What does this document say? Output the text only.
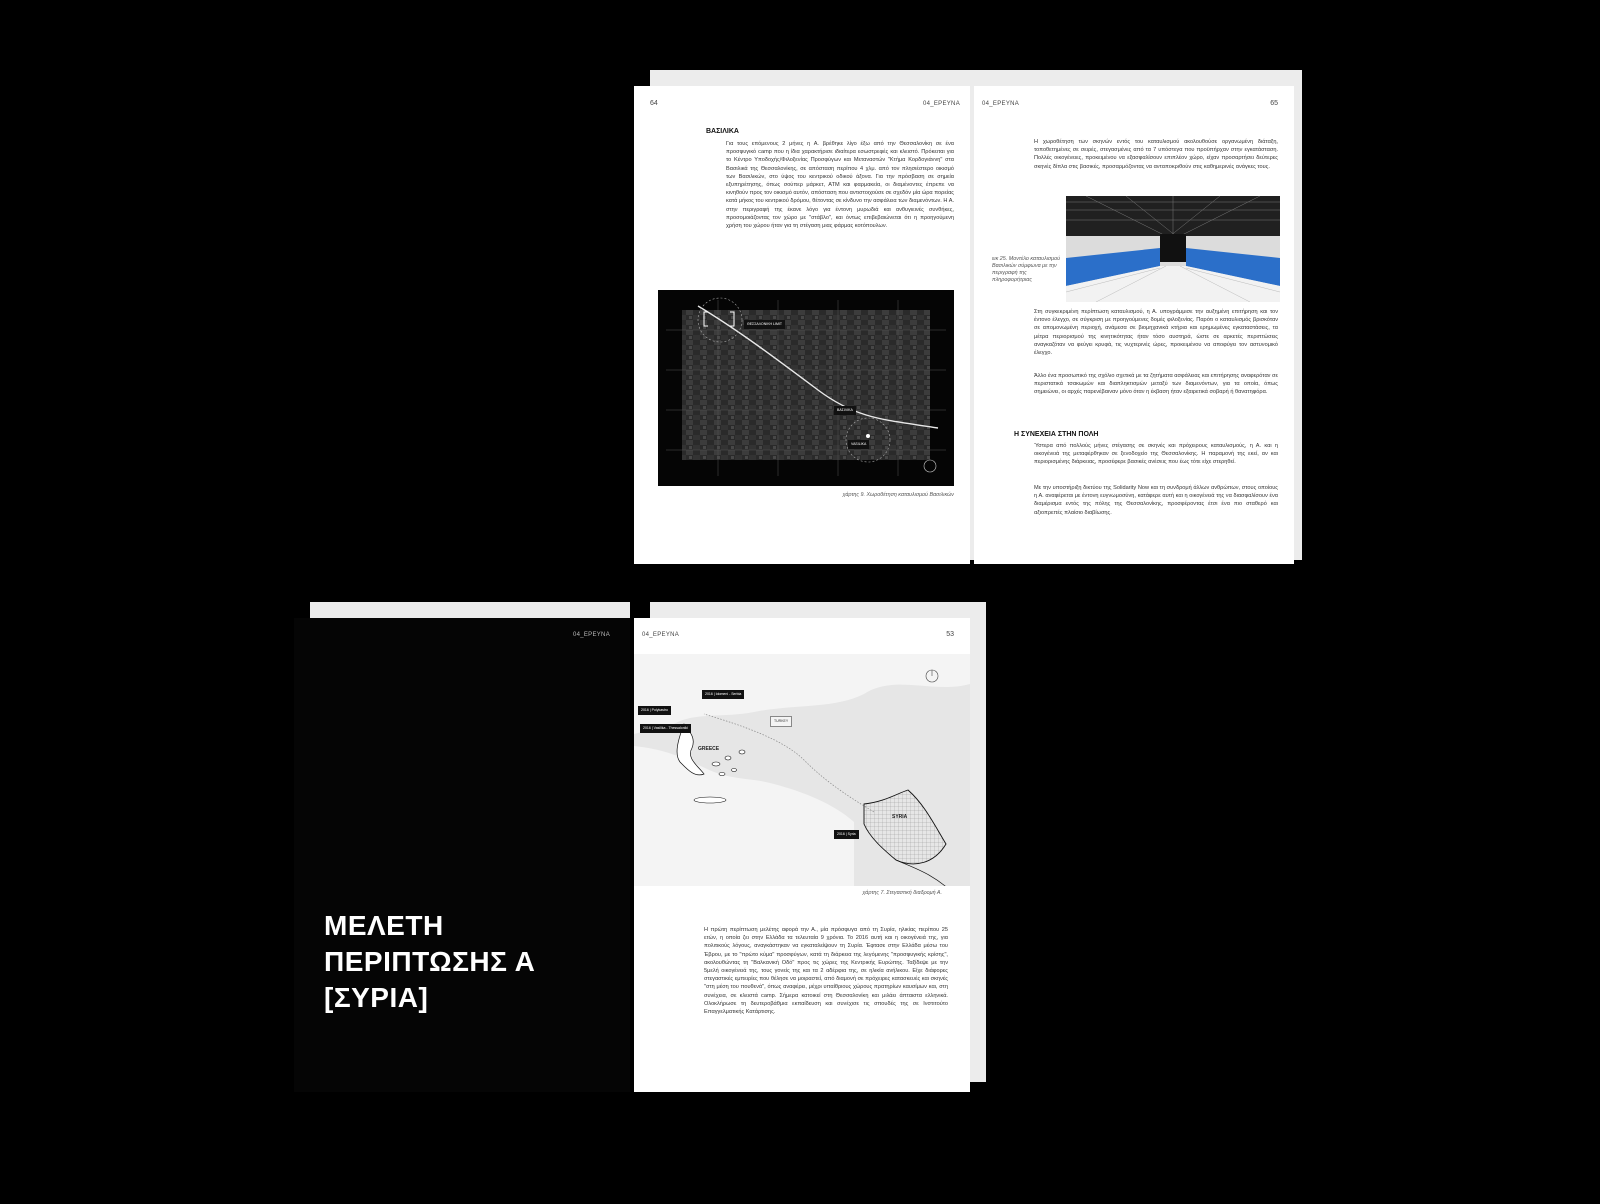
64	04_ΕΡΕΥΝΑ
ΒΑΣΙΛΙΚΑ
Για τους επόμενους 2 μήνες η Α. βρέθηκε λίγο έξω από την Θεσσαλονίκη σε ένα προσφυγικό camp που η ίδια χαρακτήρισε ιδιαίτερα εσωστρεφές και κλειστό. Πρόκειται για το Κέντρο Υποδοχής/Φιλοξενίας Προσφύγων και Μεταναστών "Κτήμα Κορδογιάννη" στα Βασιλικά της Θεσσαλονίκης, σε απόσταση περίπου 4 χλμ. από τον πλησιέστερο οικισμό των Βασιλικών, στο ύψος του κεντρικού οδικού άξονα. Για την πρόσβαση σε σημεία εξυπηρέτησης, όπως σούπερ μάρκετ, ΑΤΜ και φαρμακεία, οι διαμένοντες έπρεπε να κινηθούν προς τον οικισμό αυτόν, απόσταση που αντιστοιχούσε σε σχεδόν μία ώρα πορείας κατά μήκος του κεντρικού δρόμου, θέτοντας σε κίνδυνο την ασφάλεια των διαμενόντων. Η Α. στην περιγραφή της έκανε λόγο για έντονη μυρωδιά και ανθυγιεινές συνθήκες, προσομοιάζοντας τον χώρο με "στάβλο", και όντως επιβεβαιώνεται ότι η προηγούμενη χρήση του χώρου ήταν για τη στέγαση μιας φάρμας κοτόπουλων.
ΘΕΣΣΑΛΟΝΙΚΗ LIMIT
ΒΑΣΙΛΙΚΑ
VASILIKA
χάρτης 9. Χωροθέτηση καταυλισμού Βασιλικών
04_ΕΡΕΥΝΑ	65
Η χωροθέτηση των σκηνών εντός του καταυλισμού ακολουθούσε οργανωμένη διάταξη, τοποθετημένες σε σειρές, στεγασμένες από τα 7 υπόστεγα που προϋπήρχαν στην εγκατάσταση. Πολλές οικογένειες, προκειμένου να εξασφαλίσουν επιπλέον χώρο, είχαν προσαρτήσει δεύτερες σκηνές δίπλα στις βασικές, προσαρμόζοντας να ανταποκριθούν στις καθημερινές ανάγκες τους.
εικ 25. Μοντέλο καταυλισμού Βασιλικών σύμφωνα με την περιγραφή της πληροφορήτριας
Στη συγκεκριμένη περίπτωση καταυλισμού, η Α. υπογράμμισε την αυξημένη επιτήρηση και τον έντονο έλεγχο, σε σύγκριση με προηγούμενες δομές φιλοξενίας. Παρότι ο καταυλισμός βρισκόταν σε απομονωμένη περιοχή, ανάμεσα σε βιομηχανικά κτήρια και ερημωμένες εγκαταστάσεις, τα μέτρα περιορισμού της κινητικότητας ήταν τόσο αυστηρά, ώστε σε αρκετές περιπτώσεις αναγκαζόταν να φεύγει κρυφά, τις νυχτερινές ώρες, προκειμένου να αποφύγει τον αστυνομικό έλεγχο.
Άλλο ένα προσωπικό της σχόλιο σχετικά με τα ζητήματα ασφάλειας και επιτήρησης αναφερόταν σε περιστατικά τσακωμών και διαπληκτισμών μεταξύ των διαμενόντων, για τα οποία, όπως σημειώνει, οι αρχές παρενέβαιναν μόνο όταν η έκβαση ήταν εξαιρετικά σοβαρή ή θανατηφόρα.
Η ΣΥΝΕΧΕΙΑ ΣΤΗΝ ΠΟΛΗ
Ύστερα από πολλούς μήνες στέγασης σε σκηνές και πρόχειρους καταυλισμούς, η Α. και η οικογένειά της μεταφέρθηκαν σε ξενοδοχείο της Θεσσαλονίκης. Η παραμονή της εκεί, αν και περιορισμένης διάρκειας, προσέφερε βασικές ανέσεις που έως τότε είχε στερηθεί.
Με την υποστήριξη δικτύου της Solidarity Now και τη συνδρομή άλλων ανθρώπων, στους οποίους η Α. αναφέρεται με έντονη ευγνωμοσύνη, κατάφερε αυτή και η οικογένειά της να διασφαλίσουν ένα διαμέρισμα εντός της πόλης της Θεσσαλονίκης, προσφέροντας έτσι ένα πιο σταθερό και αξιοπρεπές πλαίσιο διαβίωσης.
04_ΕΡΕΥΝΑ
ΜΕΛΕΤΗ
ΠΕΡΙΠΤΩΣΗΣ Α
[ΣΥΡΙΑ]
04_ΕΡΕΥΝΑ	53
2016 | Idomeni - Serbia
2016 | Polykastro
2016 | Vasilika - Thessaloniki
TURKEY
2016 | Syria
GREECE
SYRIA
χάρτης 7. Στεγαστική διαδρομή Α.
Η πρώτη περίπτωση μελέτης αφορά την Α., μία πρόσφυγα από τη Συρία, ηλικίας περίπου 25 ετών, η οποία ζει στην Ελλάδα τα τελευταία 9 χρόνια. Το 2016 αυτή και η οικογένειά της, για πολιτικούς λόγους, αναγκάστηκαν να εγκαταλείψουν τη Συρία. Έφτασε στην Ελλάδα μέσω του Έβρου, με το "πρώτο κύμα" προσφύγων, κατά τη διάρκεια της λεγόμενης "προσφυγικής κρίσης", ακολουθώντας τη "Βαλκανική Οδό" προς τις χώρες της Κεντρικής Ευρώπης. Ταξίδεψε με την 5μελή οικογένειά της, τους γονείς της και τα 2 αδέρφια της, σε ηλικία ανήλικου. Είχε διάφορες στεγαστικές εμπειρίες που θέλησε να μοιραστεί, από διαμονή σε πρόχειρες κατασκευές και σκηνές "στη μέση του πουθενά", όπως αναφέρει, μέχρι υπαίθριους χώρους πρατηρίων καυσίμων και, στη συνέχεια, σε κλειστά camp. Σήμερα κατοικεί στη Θεσσαλονίκη και μιλάει άπταιστα ελληνικά. Ολοκλήρωσε τη δευτεροβάθμια εκπαίδευση και συνέχισε τις σπουδές της σε Ινστιτούτο Επαγγελματικής Κατάρτισης.
